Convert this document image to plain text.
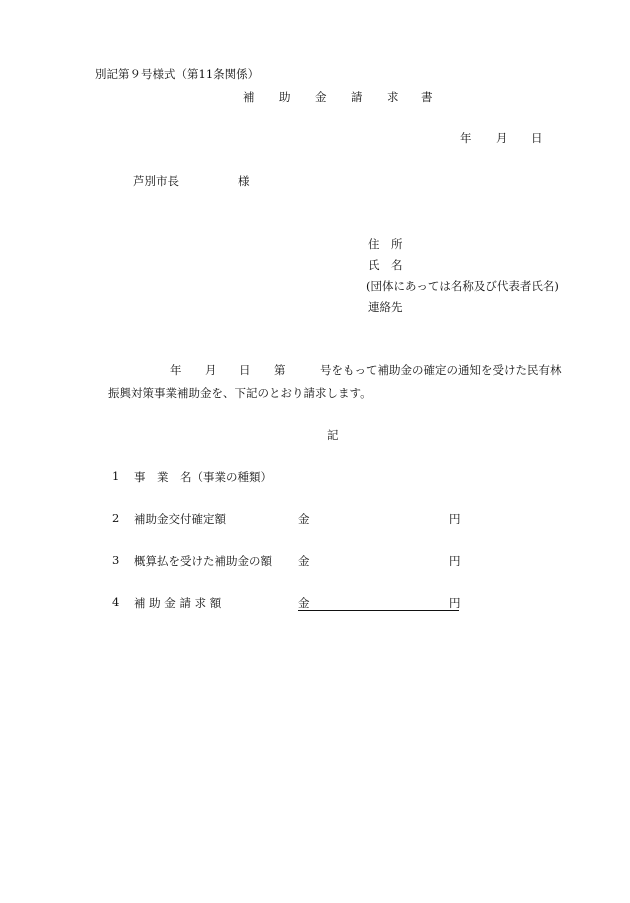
別記第９号様式（第11条関係）
補 助 金 請 求 書
年 月 日
芦別市長	様
住　所
氏　名
(団体にあっては名称及び代表者氏名)
連絡先
年 月 日 第	号をもって補助金の確定の通知を受けた民有林
振興対策事業補助金を、下記のとおり請求します。
記
1 事　業　名（事業の種類）
2 補助金交付確定額	金	円
3 概算払を受けた補助金の額 金	円
4 補 助 金 請 求 額	金	円
